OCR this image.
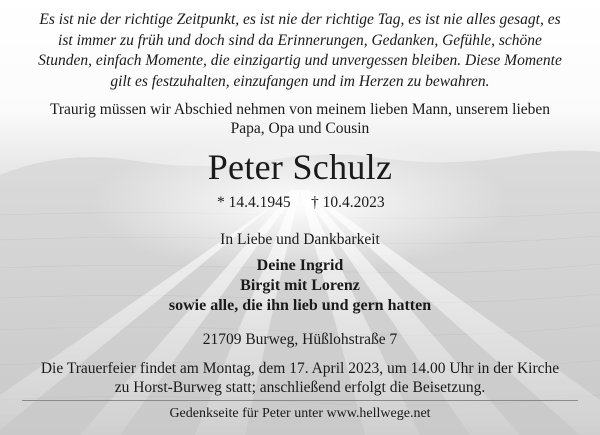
Es ist nie der richtige Zeitpunkt, es ist nie der richtige Tag, es ist nie alles gesagt, es
ist immer zu früh und doch sind da Erinnerungen, Gedanken, Gefühle, schöne
Stunden, einfach Momente, die einzigartig und unvergessen bleiben. Diese Momente
gilt es festzuhalten, einzufangen und im Herzen zu bewahren.
Traurig müssen wir Abschied nehmen von meinem lieben Mann, unserem lieben
Papa, Opa und Cousin
Peter Schulz
* 14.4.1945 † 10.4.2023
In Liebe und Dankbarkeit
Deine Ingrid
Birgit mit Lorenz
sowie alle, die ihn lieb und gern hatten
21709 Burweg, Hüßlohstraße 7
Die Trauerfeier findet am Montag, dem 17. April 2023, um 14.00 Uhr in der Kirche
zu Horst-Burweg statt; anschließend erfolgt die Beisetzung.
Gedenkseite für Peter unter www.hellwege.net
